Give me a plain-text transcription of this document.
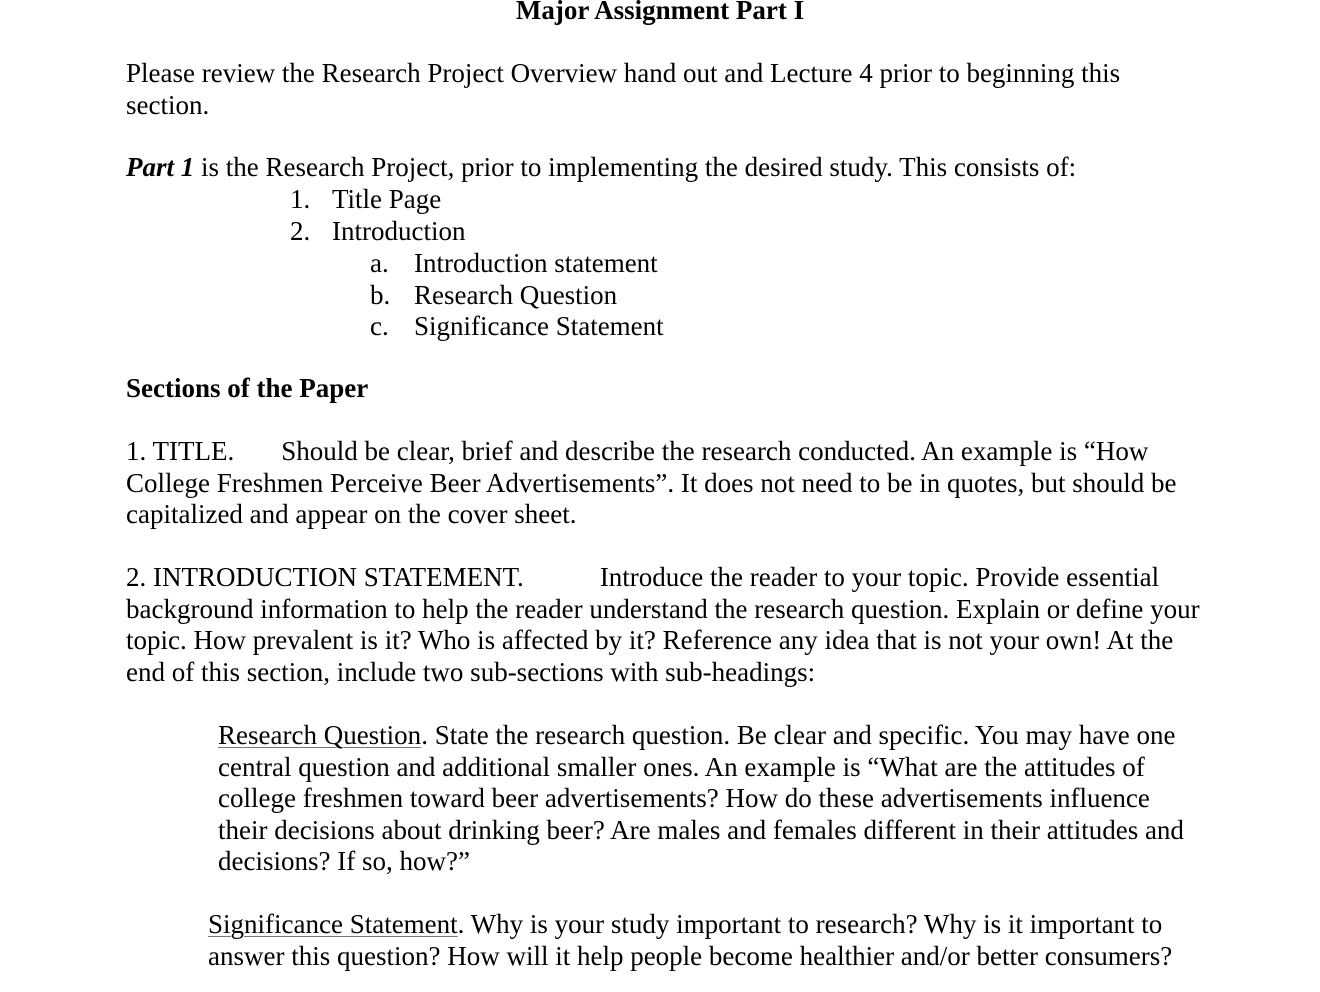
Major Assignment Part I

Please review the Research Project Overview hand out and Lecture 4 prior to beginning this section.

Part 1 is the Research Project, prior to implementing the desired study. This consists of:

1. Title Page
2. Introduction
a. Introduction statement
b. Research Question
c. Significance Statement

Sections of the Paper

1. TITLE. Should be clear, brief and describe the research conducted. An example is “How College Freshmen Perceive Beer Advertisements”. It does not need to be in quotes, but should be capitalized and appear on the cover sheet.

2. INTRODUCTION STATEMENT.	Introduce the reader to your topic. Provide essential background information to help the reader understand the research question. Explain or define your topic. How prevalent is it? Who is affected by it? Reference any idea that is not your own! At the end of this section, include two sub-sections with sub-headings:

Research Question. State the research question. Be clear and specific. You may have one central question and additional smaller ones. An example is “What are the attitudes of college freshmen toward beer advertisements? How do these advertisements influence their decisions about drinking beer? Are males and females different in their attitudes and decisions? If so, how?”

Significance Statement. Why is your study important to research? Why is it important to answer this question? How will it help people become healthier and/or better consumers?
